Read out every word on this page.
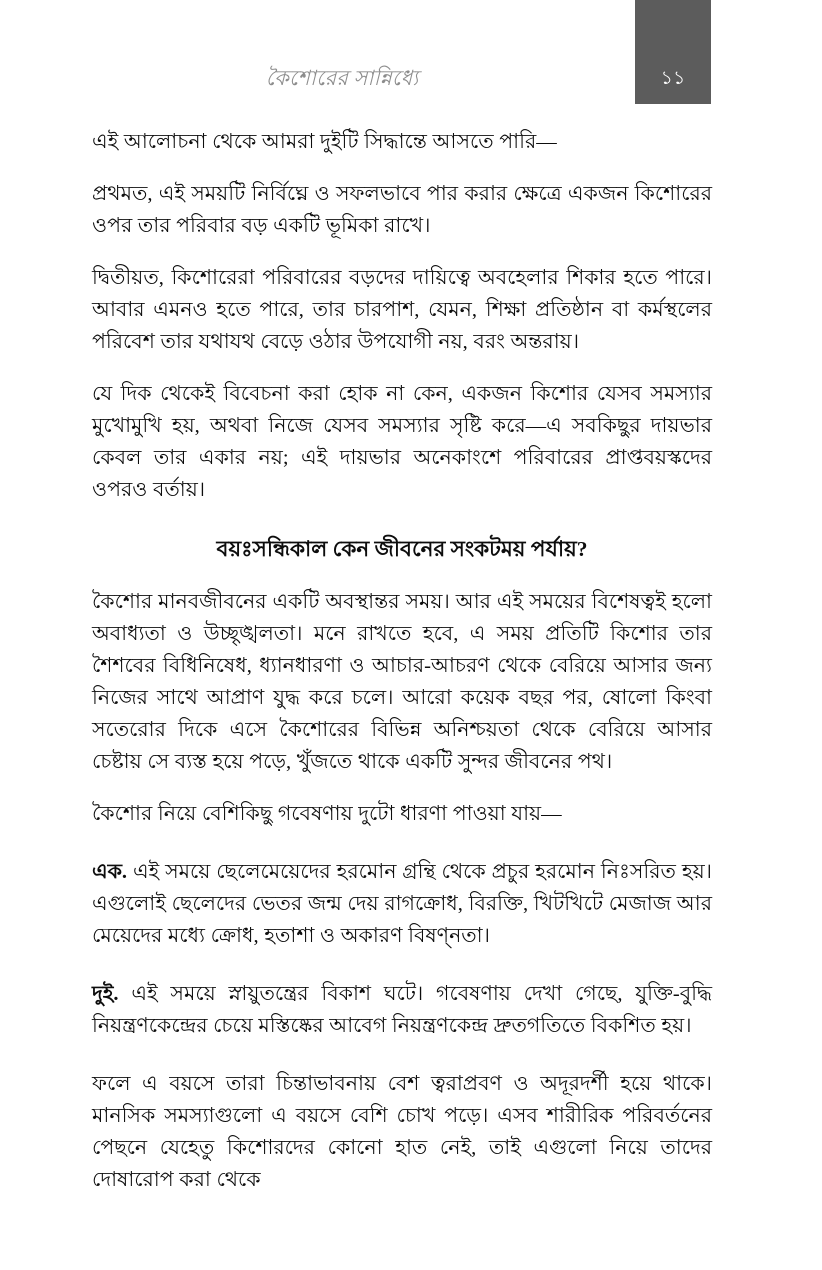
কৈশোরের সান্নিধ্যে	১১

এই আলোচনা থেকে আমরা দুইটি সিদ্ধান্তে আসতে পারি—

প্রথমত, এই সময়টি নির্বিঘ্নে ও সফলভাবে পার করার ক্ষেত্রে একজন কিশোরের ওপর তার পরিবার বড় একটি ভূমিকা রাখে।

দ্বিতীয়ত, কিশোরেরা পরিবারের বড়দের দায়িত্বে অবহেলার শিকার হতে পারে। আবার এমনও হতে পারে, তার চারপাশ, যেমন, শিক্ষা প্রতিষ্ঠান বা কর্মস্থলের পরিবেশ তার যথাযথ বেড়ে ওঠার উপযোগী নয়, বরং অন্তরায়।

যে দিক থেকেই বিবেচনা করা হোক না কেন, একজন কিশোর যেসব সমস্যার মুখোমুখি হয়, অথবা নিজে যেসব সমস্যার সৃষ্টি করে—এ সবকিছুর দায়ভার কেবল তার একার নয়; এই দায়ভার অনেকাংশে পরিবারের প্রাপ্তবয়স্কদের ওপরও বর্তায়।

বয়ঃসন্ধিকাল কেন জীবনের সংকটময় পর্যায়?

কৈশোর মানবজীবনের একটি অবস্থান্তর সময়। আর এই সময়ের বিশেষত্বই হলো অবাধ্যতা ও উচ্ছৃঙ্খলতা। মনে রাখতে হবে, এ সময় প্রতিটি কিশোর তার শৈশবের বিধিনিষেধ, ধ্যানধারণা ও আচার-আচরণ থেকে বেরিয়ে আসার জন্য নিজের সাথে আপ্রাণ যুদ্ধ করে চলে। আরো কয়েক বছর পর, ষোলো কিংবা সতেরোর দিকে এসে কৈশোরের বিভিন্ন অনিশ্চয়তা থেকে বেরিয়ে আসার চেষ্টায় সে ব্যস্ত হয়ে পড়ে, খুঁজতে থাকে একটি সুন্দর জীবনের পথ।

কৈশোর নিয়ে বেশিকিছু গবেষণায় দুটো ধারণা পাওয়া যায়—

এক. এই সময়ে ছেলেমেয়েদের হরমোন গ্রন্থি থেকে প্রচুর হরমোন নিঃসরিত হয়। এগুলোই ছেলেদের ভেতর জন্ম দেয় রাগক্রোধ, বিরক্তি, খিটখিটে মেজাজ আর মেয়েদের মধ্যে ক্রোধ, হতাশা ও অকারণ বিষণ্নতা।

দুই. এই সময়ে স্নায়ুতন্ত্রের বিকাশ ঘটে। গবেষণায় দেখা গেছে, যুক্তি-বুদ্ধি নিয়ন্ত্রণকেন্দ্রের চেয়ে মস্তিষ্কের আবেগ নিয়ন্ত্রণকেন্দ্র দ্রুতগতিতে বিকশিত হয়।

ফলে এ বয়সে তারা চিন্তাভাবনায় বেশ ত্বরাপ্রবণ ও অদূরদর্শী হয়ে থাকে। মানসিক সমস্যাগুলো এ বয়সে বেশি চোখ পড়ে। এসব শারীরিক পরিবর্তনের পেছনে যেহেতু কিশোরদের কোনো হাত নেই, তাই এগুলো নিয়ে তাদের দোষারোপ করা থেকে
